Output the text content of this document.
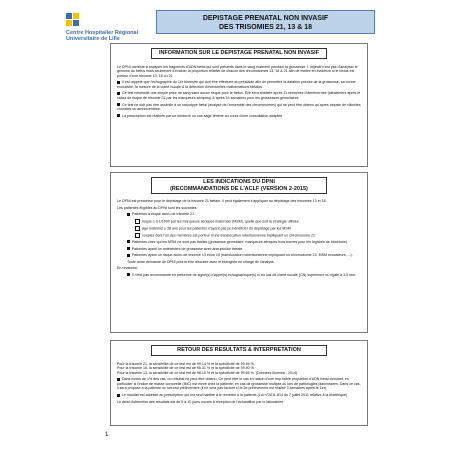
Centre Hospitalier Régional
Universitaire de Lille
DEPISTAGE PRENATAL NON INVASIF
DES TRISOMIES 21, 13 & 18
INFORMATION SUR LE DEPISTAGE PRENATAL NON INVASIF

Le DPNI consiste à analyser les fragments d'ADN fœtal qui sont présents dans le sang maternel pendant la grossesse. L'objectif n'est pas d'analyser le génome du fœtus mais seulement d'évaluer la proportion relative de chacun des chromosomes 13, 18 & 21 afin de mettre en évidence si le fœtus est porteur d'une trisomie 13, 18 ou 21.

Il est rappelé que l'échographie du 1er trimestre qui doit être effectuée au préalable afin de permettre la datation précise de la grossesse, sa bonne évolutivité, la mesure de la clarté nucale & la détection d'éventuelles malformations fœtales.

Ce test nécessite une simple prise de sang sans aucun risque pour le fœtus. Elle sera réalisée après 11 semaines d'aménorrhée (idéalement après le calcul de risque de trisomie 21 par les marqueurs sériques) & après 14 semaines pour les grossesses gémellaires.

Ce test ne doit pas être assimilé à un caryotype fœtal (analyse de l'ensemble des chromosomes) qui ne peut être obtenu qu'après biopsie de villosités choriales ou amniocentèse.

La prescription est réalisée par un médecin ou une sage-femme au cours d'une consultation adaptée

LES INDICATIONS DU DPNI
(RECOMMANDATIONS DE L'ACLF (VERSION 2-2015)

Le DPNI est préconisé pour le dépistage de la trisomie 21 fœtale. Il peut également s'appliquer au dépistage des trisomies 13 et 18.

Les patientes éligibles au DPNI sont les suivantes :

Patientes à risque accru de trisomie 21 :

risque ≥ à 1/1000 par les marqueurs sériques maternels (MSM), quelle que soit la stratégie utilisée

âge maternel ≥ 38 ans pour les patientes n'ayant pas pu bénéficier du dépistage par les MSM

couples dont l'un des membres est porteur d'une translocation robertsonienne impliquant un chromosome 21.

Patientes chez qui les MSM ne sont pas fiables (grossesse gémellaire, marqueurs sériques hors bornes pour les logiciels de biochimie)

Patientes ayant un antécédent de grossesse avec aneuploïdie fœtale.

Patientes ayant un risque accru de trisomie 13 et/ou 18 (translocation robertsonienne impliquant un chromosome 13, MSM évocateurs, ...).

Toute autre demande de DPNI pourra être discutée avec le biologiste en charge de l'analyse.

En revanche,

il n'est pas recommandé en présence de signe(s) d'appel(s) échographique(s) ni en cas de clarté nucale (CN) supérieure ou égale à 3,5 mm.

RETOUR DES RESULTATS & INTERPRETATION

Pour la trisomie 21, la sensibilité de ce test est de 99.14 % et la spécificité de 99.94 %.

Pour la trisomie 18, la sensibilité de ce test est de 96.31 % et la spécificité de 99.90 %.

Pour la trisomie 13, la sensibilité de ce test est de 98.15 % et la spécificité de 99.65 %. (Données Illumina - 2014)

Dans moins de 1% des cas, un résultat ne peut être obtenu. Ce peut être le cas en raison d'une trop faible proportion d'ADN fœtal circulant, en particulier si l'indice de masse corporelle (IMC) est élevé chez la patiente, en cas de grossesse multiple ou lors de pathologies placentaires. Dans ce cas, il sera proposé à la patiente un second prélèvement (il ne sera pas facturé si le 2e prélèvement est réalisé 3 semaines après le 1er).

Le résultat est adressé au prescripteur qui est seul habilité à le remettre à la patiente (Loi n°2011-814 du 7 juillet 2011 relative à la bioéthique)

Le délai d'obtention des résultats est de 5 à 10 jours ouvrés à réception de l'échantillon par le laboratoire

1
